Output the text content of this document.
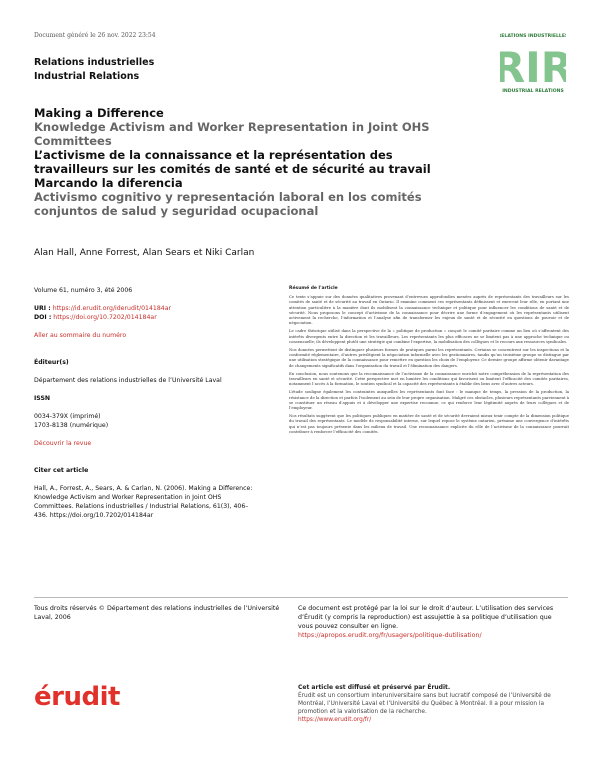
Document généré le 26 nov. 2022 23:54
Relations industrielles
Industrial Relations
RELATIONS INDUSTRIELLES
RIR
INDUSTRIAL RELATIONS

Making a Difference

Knowledge Activism and Worker Representation in Joint OHS Committees

L’activisme de la connaissance et la représentation des travailleurs sur les comités de santé et de sécurité au travail

Marcando la diferencia

Activismo cognitivo y representación laboral en los comités conjuntos de salud y seguridad ocupacional

Alan Hall, Anne Forrest, Alan Sears et Niki Carlan
Volume 61, numéro 3, été 2006
URI : https://id.erudit.org/iderudit/014184ar
DOI : https://doi.org/10.7202/014184ar
Aller au sommaire du numéro
Éditeur(s)
Département des relations industrielles de l’Université Laval
ISSN
0034-379X (imprimé)
1703-8138 (numérique)
Découvrir la revue
Citer cet article
Hall, A., Forrest, A., Sears, A. & Carlan, N. (2006). Making a Difference: Knowledge Activism and Worker Representation in Joint OHS Committees. Relations industrielles / Industrial Relations, 61(3), 406–436. https://doi.org/10.7202/014184ar
Résumé de l'article

Ce texte s’appuie sur des données qualitatives provenant d’entrevues approfondies menées auprès de représentants des travailleurs sur les comités de santé et de sécurité au travail en Ontario. Il examine comment ces représentants définissent et exercent leur rôle, en portant une attention particulière à la manière dont ils mobilisent la connaissance technique et politique pour influencer les conditions de santé et de sécurité. Nous proposons le concept d’activisme de la connaissance pour décrire une forme d’engagement où les représentants utilisent activement la recherche, l’information et l’analyse afin de transformer les enjeux de santé et de sécurité en questions de pouvoir et de négociation.

Le cadre théorique utilisé dans la perspective de la « politique de production » conçoit le comité paritaire comme un lieu où s’affrontent des intérêts divergents entre la direction et les travailleurs. Les représentants les plus efficaces ne se limitent pas à une approche technique ou consensuelle; ils développent plutôt une stratégie qui combine l’expertise, la mobilisation des collègues et le recours aux ressources syndicales.

Nos données permettent de distinguer plusieurs formes de pratiques parmi les représentants. Certains se concentrent sur les inspections et la conformité réglementaire, d’autres privilégient la négociation informelle avec les gestionnaires, tandis qu’un troisième groupe se distingue par une utilisation stratégique de la connaissance pour remettre en question les choix de l’employeur. Ce dernier groupe affirme obtenir davantage de changements significatifs dans l’organisation du travail et l’élimination des dangers.

En conclusion, nous soutenons que la reconnaissance de l’activisme de la connaissance enrichit notre compréhension de la représentation des travailleurs en santé et sécurité. Cette perspective met en lumière les conditions qui favorisent ou limitent l’efficacité des comités paritaires, notamment l’accès à la formation, le soutien syndical et la capacité des représentants à établir des liens avec d’autres acteurs.

L’étude souligne également les contraintes auxquelles les représentants font face : le manque de temps, la pression de la production, la résistance de la direction et parfois l’isolement au sein de leur propre organisation. Malgré ces obstacles, plusieurs représentants parviennent à se constituer un réseau d’appuis et à développer une expertise reconnue, ce qui renforce leur légitimité auprès de leurs collègues et de l’employeur.

Nos résultats suggèrent que les politiques publiques en matière de santé et de sécurité devraient mieux tenir compte de la dimension politique du travail des représentants. Le modèle de responsabilité interne, sur lequel repose le système ontarien, présume une convergence d’intérêts qui n’est pas toujours présente dans les milieux de travail. Une reconnaissance explicite du rôle de l’activisme de la connaissance pourrait contribuer à renforcer l’efficacité des comités.

Tous droits réservés © Département des relations industrielles de l’Université Laval, 2006
Ce document est protégé par la loi sur le droit d’auteur. L’utilisation des services d’Érudit (y compris la reproduction) est assujettie à sa politique d’utilisation que vous pouvez consulter en ligne.
https://apropos.erudit.org/fr/usagers/politique-dutilisation/
érudit	Cet article est diffusé et préservé par Érudit.
Érudit est un consortium interuniversitaire sans but lucratif composé de l’Université de Montréal, l’Université Laval et l’Université du Québec à Montréal. Il a pour mission la promotion et la valorisation de la recherche.
https://www.erudit.org/fr/
